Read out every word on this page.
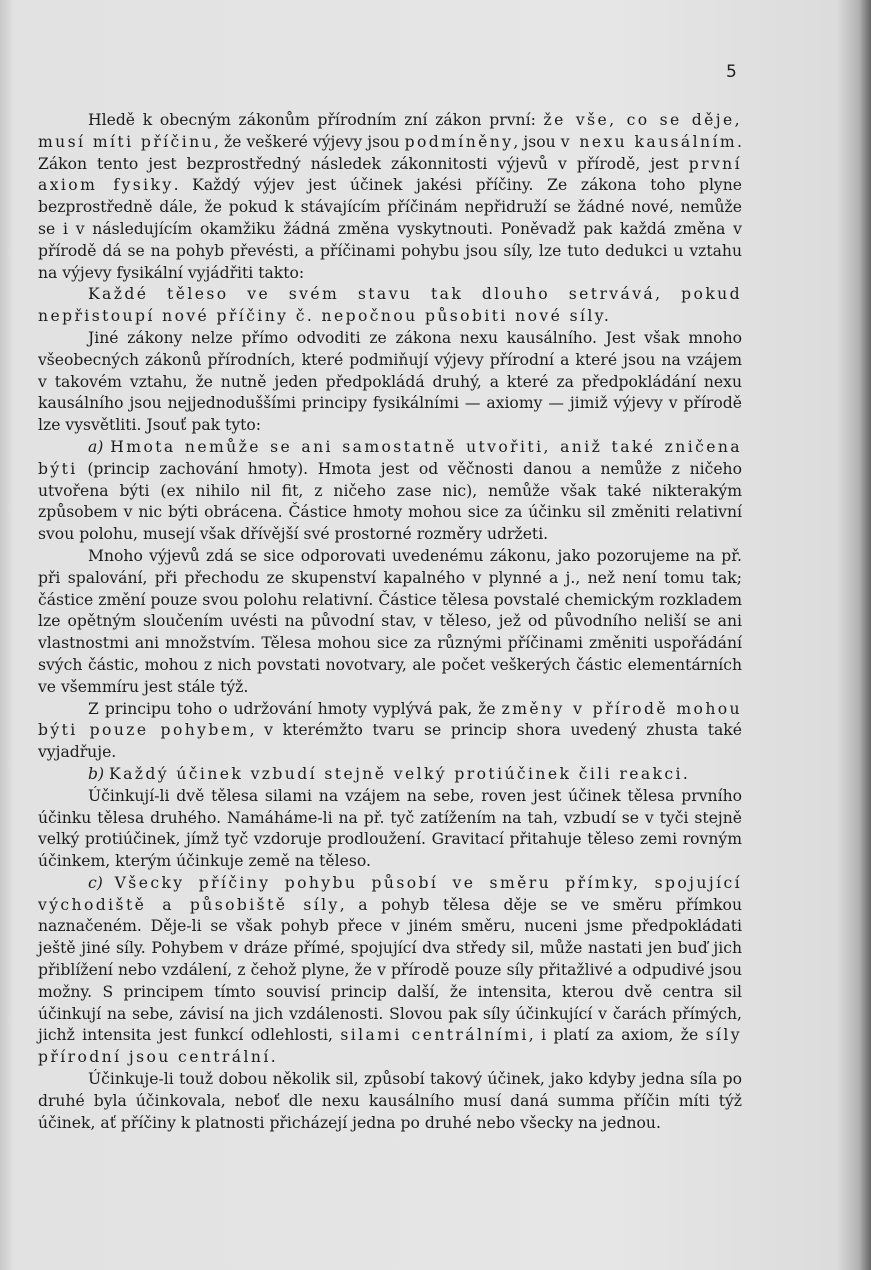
5

Hledě k obecným zákonům přírodním zní zákon první: že vše, co se děje, musí míti příčinu, že veškeré výjevy jsou podmíněny, jsou v nexu kausálním. Zákon tento jest bezprostředný následek zákonnitosti výjevů v přírodě, jest první axiom fysiky. Každý výjev jest účinek jakési příčiny. Ze zákona toho plyne bezprostředně dále, že pokud k stávajícím příčinám nepřidruží se žádné nové, nemůže se i v následujícím okamžiku žádná změna vyskytnouti. Poněvadž pak každá změna v přírodě dá se na pohyb převésti, a příčinami pohybu jsou síly, lze tuto dedukci u vztahu na výjevy fysikální vyjádřiti takto:

Každé těleso ve svém stavu tak dlouho setrvává, pokud nepřistoupí nové příčiny č. nepočnou působiti nové síly.

Jiné zákony nelze přímo odvoditi ze zákona nexu kausálního. Jest však mnoho všeobecných zákonů přírodních, které podmiňují výjevy přírodní a které jsou na vzájem v takovém vztahu, že nutně jeden předpokládá druhý, a které za předpokládání nexu kausálního jsou nejjednoduššími principy fysikálními — axiomy — jimiž výjevy v přírodě lze vysvětliti. Jsouť pak tyto:

a) Hmota nemůže se ani samostatně utvořiti, aniž také zničena býti (princip zachování hmoty). Hmota jest od věčnosti danou a nemůže z ničeho utvořena býti (ex nihilo nil fit, z ničeho zase nic), nemůže však také nikterakým způsobem v nic býti obrácena. Částice hmoty mohou sice za účinku sil změniti relativní svou polohu, musejí však dřívější své prostorné rozměry udržeti.

Mnoho výjevů zdá se sice odporovati uvedenému zákonu, jako pozorujeme na př. při spalování, při přechodu ze skupenství kapalného v plynné a j., než není tomu tak; částice změní pouze svou polohu relativní. Částice tělesa povstalé chemickým rozkladem lze opětným sloučením uvésti na původní stav, v těleso, jež od původního neliší se ani vlastnostmi ani množstvím. Tělesa mohou sice za různými příčinami změniti uspořádání svých částic, mohou z nich povstati novotvary, ale počet veškerých částic elementárních ve všemmíru jest stále týž.

Z principu toho o udržování hmoty vyplývá pak, že změny v přírodě mohou býti pouze pohybem, v kterémžto tvaru se princip shora uvedený zhusta také vyjadřuje.

b) Každý účinek vzbudí stejně velký protiúčinek čili reakci.

Účinkují-li dvě tělesa silami na vzájem na sebe, roven jest účinek tělesa prvního účinku tělesa druhého. Namáháme-li na př. tyč zatížením na tah, vzbudí se v tyči stejně velký protiúčinek, jímž tyč vzdoruje prodloužení. Gravitací přitahuje těleso zemi rovným účinkem, kterým účinkuje země na těleso.

c) Všecky příčiny pohybu působí ve směru přímky, spojující východiště a působiště síly, a pohyb tělesa děje se ve směru přímkou naznačeném. Děje-li se však pohyb přece v jiném směru, nuceni jsme předpokládati ještě jiné síly. Pohybem v dráze přímé, spojující dva středy sil, může nastati jen buď jich přiblížení nebo vzdálení, z čehož plyne, že v přírodě pouze síly přitažlivé a odpudivé jsou možny. S principem tímto souvisí princip další, že intensita, kterou dvě centra sil účinkují na sebe, závisí na jich vzdálenosti. Slovou pak síly účinkující v čarách přímých, jichž intensita jest funkcí odlehlosti, silami centrálními, i platí za axiom, že síly přírodní jsou centrální.

Účinkuje-li touž dobou několik sil, způsobí takový účinek, jako kdyby jedna síla po druhé byla účinkovala, neboť dle nexu kausálního musí daná summa příčin míti týž účinek, ať příčiny k platnosti přicházejí jedna po druhé nebo všecky na jednou.
